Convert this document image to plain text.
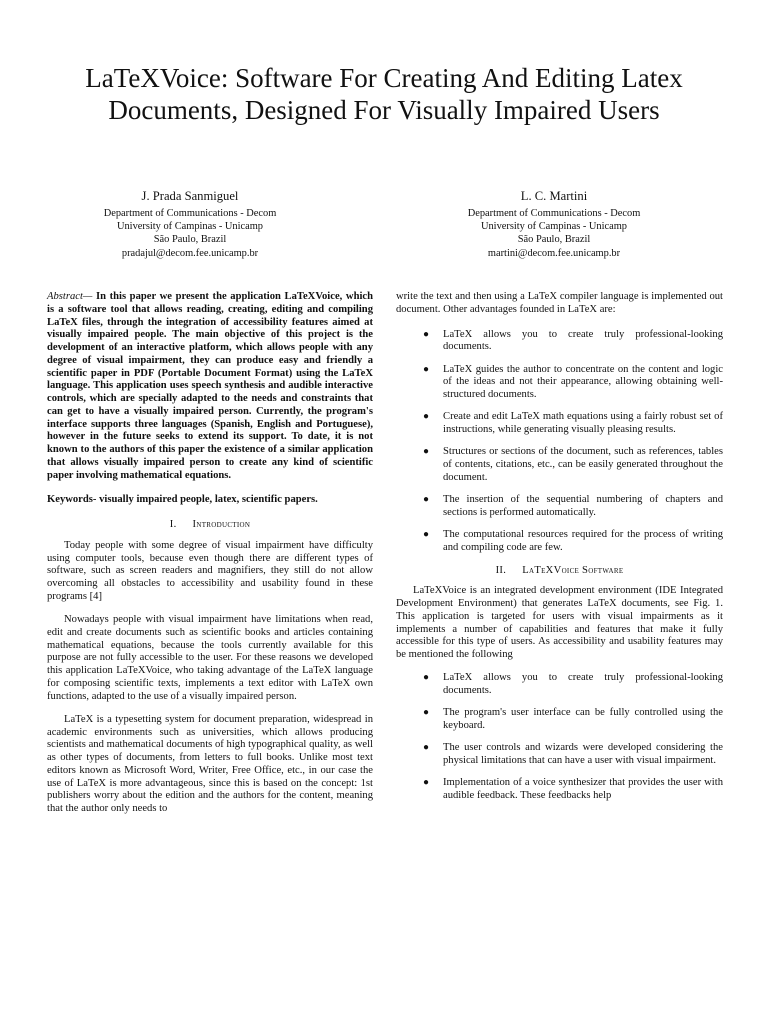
LaTeXVoice: Software For Creating And Editing Latex Documents, Designed For Visually Impaired Users
J. Prada Sanmiguel
Department of Communications - Decom
University of Campinas - Unicamp
São Paulo, Brazil
pradajul@decom.fee.unicamp.br
L. C. Martini
Department of Communications - Decom
University of Campinas - Unicamp
São Paulo, Brazil
martini@decom.fee.unicamp.br

Abstract— In this paper we present the application LaTeXVoice, which is a software tool that allows reading, creating, editing and compiling LaTeX files, through the integration of accessibility features aimed at visually impaired people. The main objective of this project is the development of an interactive platform, which allows people with any degree of visual impairment, they can produce easy and friendly a scientific paper in PDF (Portable Document Format) using the LaTeX language. This application uses speech synthesis and audible interactive controls, which are specially adapted to the needs and constraints that can get to have a visually impaired person. Currently, the program's interface supports three languages (Spanish, English and Portuguese), however in the future seeks to extend its support. To date, it is not known to the authors of this paper the existence of a similar application that allows visually impaired person to create any kind of scientific paper involving mathematical equations.

Keywords- visually impaired people, latex, scientific papers.

I. Introduction

Today people with some degree of visual impairment have difficulty using computer tools, because even though there are different types of software, such as screen readers and magnifiers, they still do not allow overcoming all obstacles to accessibility and usability found in these programs [4]

Nowadays people with visual impairment have limitations when read, edit and create documents such as scientific books and articles containing mathematical equations, because the tools currently available for this purpose are not fully accessible to the user. For these reasons we developed this application LaTeXVoice, who taking advantage of the LaTeX language for composing scientific texts, implements a text editor with LaTeX own functions, adapted to the use of a visually impaired person.

LaTeX is a typesetting system for document preparation, widespread in academic environments such as universities, which allows producing scientists and mathematical documents of high typographical quality, as well as other types of documents, from letters to full books. Unlike most text editors known as Microsoft Word, Writer, Free Office, etc., in our case the use of LaTeX is more advantageous, since this is based on the concept: 1st publishers worry about the edition and the authors for the content, meaning that the author only needs to

write the text and then using a LaTeX compiler language is implemented out document. Other advantages founded in LaTeX are:

● LaTeX allows you to create truly professional-looking documents.
● LaTeX guides the author to concentrate on the content and logic of the ideas and not their appearance, allowing obtaining well-structured documents.
● Create and edit LaTeX math equations using a fairly robust set of instructions, while generating visually pleasing results.
● Structures or sections of the document, such as references, tables of contents, citations, etc., can be easily generated throughout the document.
● The insertion of the sequential numbering of chapters and sections is performed automatically.
● The computational resources required for the process of writing and compiling code are few.
II. LaTeXVoice Software

LaTeXVoice is an integrated development environment (IDE Integrated Development Environment) that generates LaTeX documents, see Fig. 1. This application is targeted for users with visual impairments as it implements a number of capabilities and features that make it fully accessible for this type of users. As accessibility and usability features may be mentioned the following

● LaTeX allows you to create truly professional-looking documents.
● The program's user interface can be fully controlled using the keyboard.
● The user controls and wizards were developed considering the physical limitations that can have a user with visual impairment.
● Implementation of a voice synthesizer that provides the user with audible feedback. These feedbacks help
